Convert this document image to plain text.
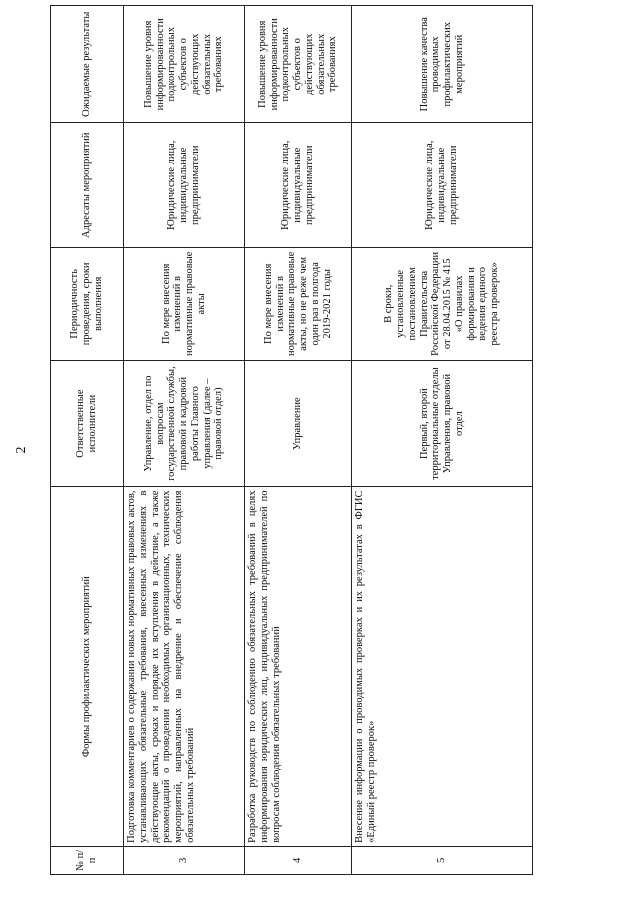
2
№ п/п	Формы профилактических мероприятий	Ответственные исполнители	Периодичность проведения, сроки выполнения	Адресаты мероприятий	Ожидаемые результаты
3	Подготовка комментариев о содержании новых нормативных правовых актов, устанавливающих обязательные требования, внесенных изменениях в действующие акты, сроках и порядке их вступления в действие, а также рекомендаций о проведении необходимых организационных, технических мероприятий, направленных на внедрение и обеспечение соблюдения обязательных требований	Управление, отдел по вопросам государственной службы, правовой и кадровой работы Главного управления (далее – правовой отдел)	По мере внесения изменений в нормативные правовые акты	Юридические лица, индивидуальные предприниматели	Повышение уровня информированности подконтрольных субъектов о действующих обязательных требованиях
4	Разработка руководств по соблюдению обязательных требований в целях информирования юридических лиц, индивидуальных предпринимателей по вопросам соблюдения обязательных требований	Управление	По мере внесения изменений в нормативные правовые акты, но не реже чем один раз в полгода 2019-2021 годы	Юридические лица, индивидуальные предприниматели	Повышение уровня информированности подконтрольных субъектов о действующих обязательных требованиях
5	Внесение информации о проводимых проверках и их результатах в ФГИС «Единый реестр проверок»	Первый, второй территориальные отделы Управления, правовой отдел	В сроки, установленные постановлением Правительства Российской Федерации от 28.04.2015 № 415 «О правилах формирования и ведения единого реестра проверок»	Юридические лица, индивидуальные предприниматели	Повышение качества проводимых профилактических мероприятий
